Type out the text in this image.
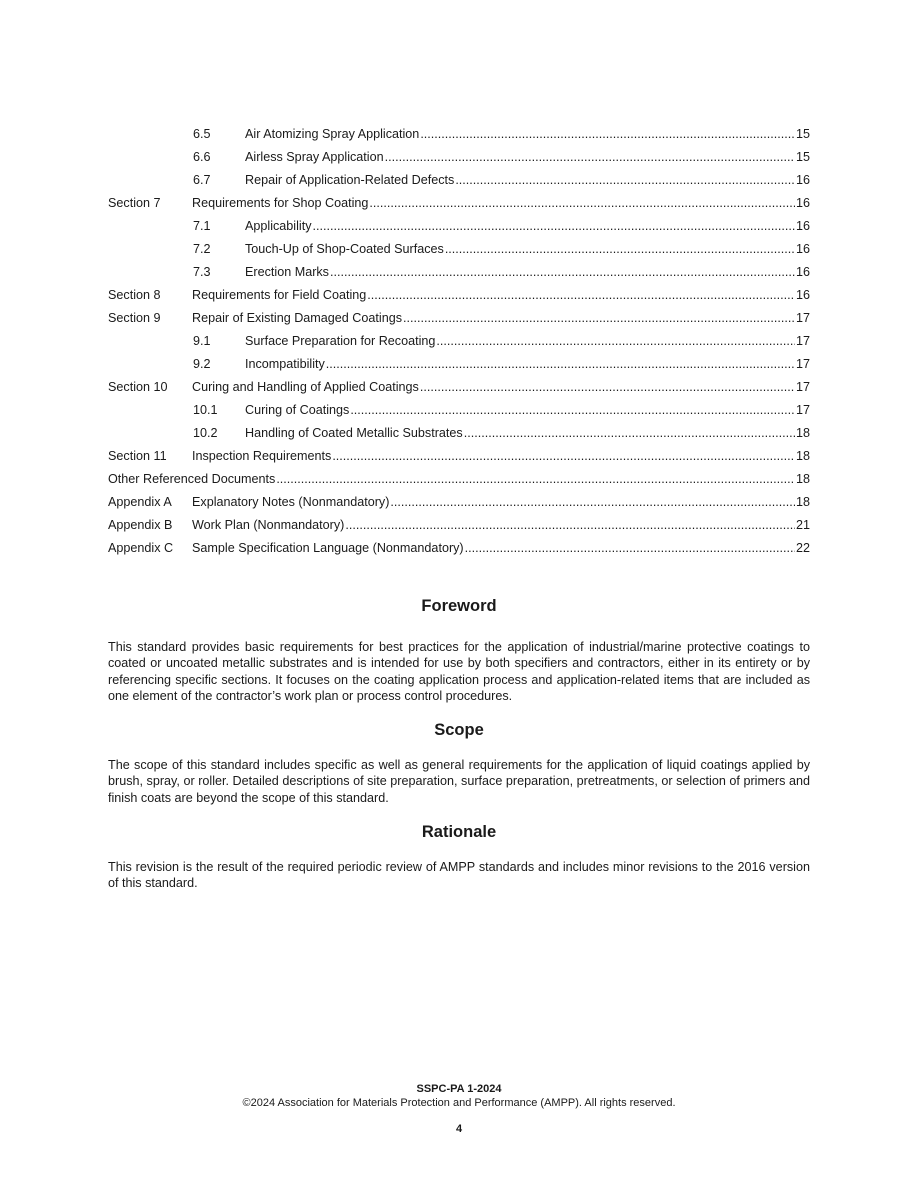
6.5	Air Atomizing Spray Application .....	15
6.6	Airless Spray Application .....	15
6.7	Repair of Application-Related Defects .....	16
Section 7	Requirements for Shop Coating .....	16
7.1	Applicability .....	16
7.2	Touch-Up of Shop-Coated Surfaces .....	16
7.3	Erection Marks .....	16
Section 8	Requirements for Field Coating .....	16
Section 9	Repair of Existing Damaged Coatings .....	17
9.1	Surface Preparation for Recoating .....	17
9.2	Incompatibility .....	17
Section 10	Curing and Handling of Applied Coatings .....	17
10.1	Curing of Coatings .....	17
10.2	Handling of Coated Metallic Substrates .....	18
Section 11	Inspection Requirements .....	18
Other Referenced Documents .....	18
Appendix A	Explanatory Notes (Nonmandatory) .....	18
Appendix B	Work Plan (Nonmandatory) .....	21
Appendix C	Sample Specification Language (Nonmandatory) .....	22
Foreword

This standard provides basic requirements for best practices for the application of industrial/marine protective coatings to coated or uncoated metallic substrates and is intended for use by both specifiers and contractors, either in its entirety or by referencing specific sections. It focuses on the coating application process and application-related items that are included as one element of the contractor’s work plan or process control procedures.

Scope

The scope of this standard includes specific as well as general requirements for the application of liquid coatings applied by brush, spray, or roller. Detailed descriptions of site preparation, surface preparation, pretreatments, or selection of primers and finish coats are beyond the scope of this standard.

Rationale

This revision is the result of the required periodic review of AMPP standards and includes minor revisions to the 2016 version of this standard.

SSPC-PA 1-2024
©2024 Association for Materials Protection and Performance (AMPP). All rights reserved.
4
